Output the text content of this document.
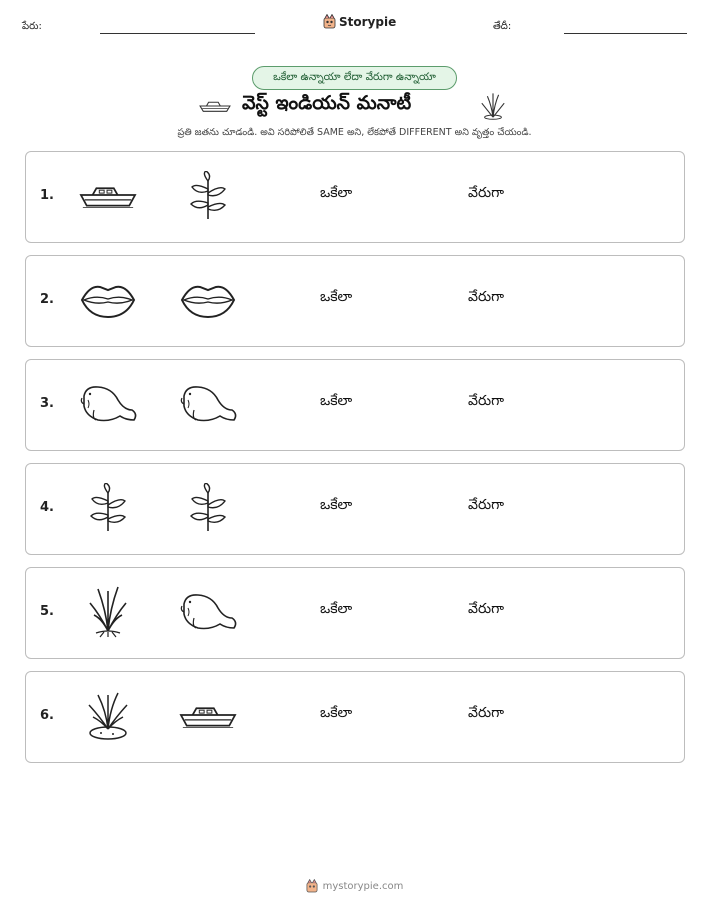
పేరు:	Storypie	తేదీ:
ఒకేలా ఉన్నాయా లేదా వేరుగా ఉన్నాయా
వెస్ట్ ఇండియన్ మనాటీ
ప్రతి జతను చూడండి. అవి సరిపోలితే SAME అని, లేకపోతే DIFFERENT అని వృత్తం చేయండి.
1.	ఒకేలా	వేరుగా
2.	ఒకేలా	వేరుగా
3.	ఒకేలా	వేరుగా
4.	ఒకేలా	వేరుగా
5.	ఒకేలా	వేరుగా
6.	ఒకేలా	వేరుగా
mystorypie.com
